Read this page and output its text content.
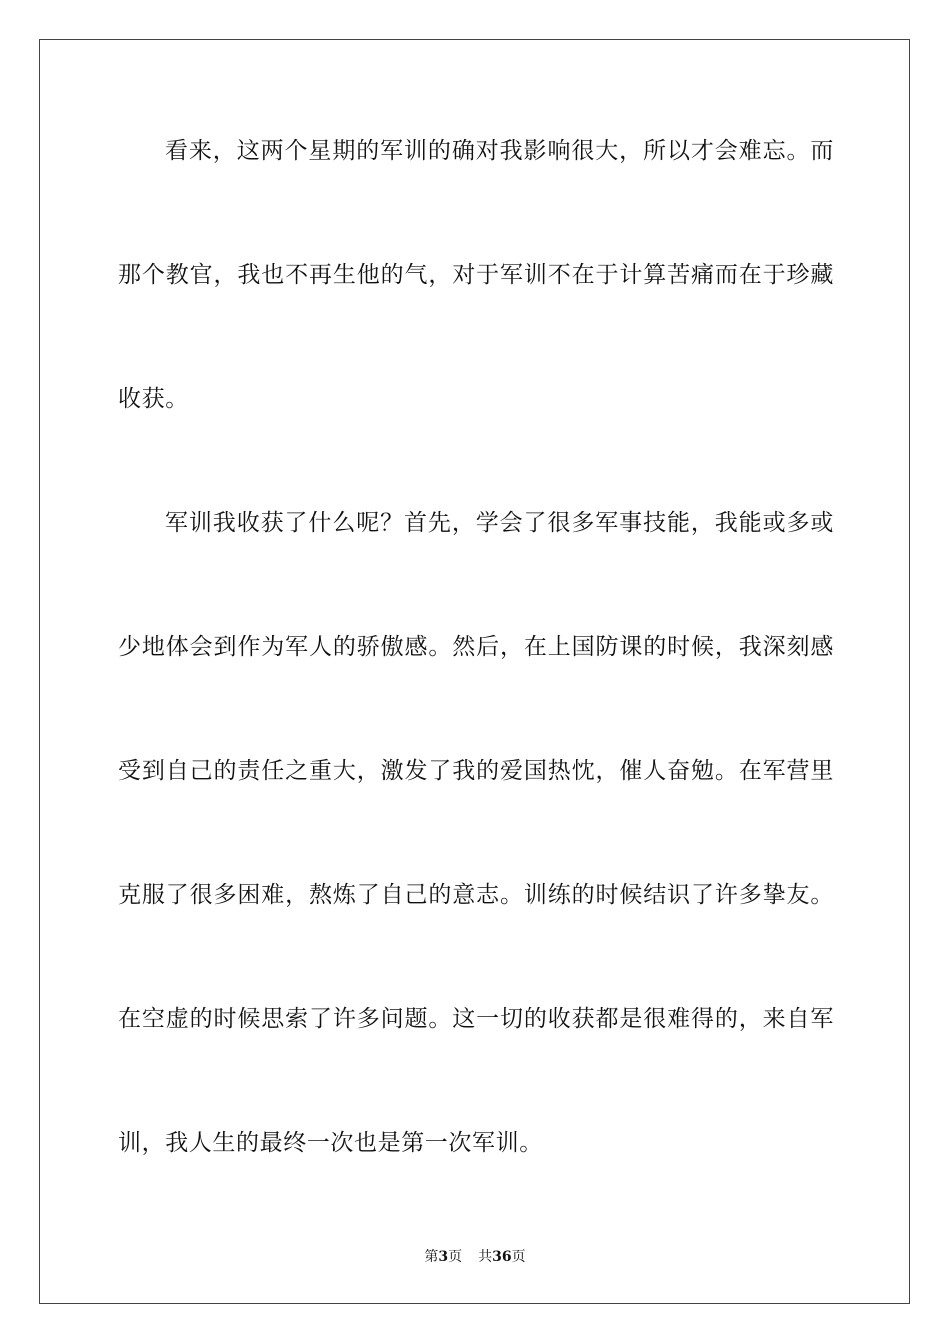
看来，这两个星期的军训的确对我影响很大，所以才会难忘。而
那个教官，我也不再生他的气，对于军训不在于计算苦痛而在于珍藏
收获。
军训我收获了什么呢？首先，学会了很多军事技能，我能或多或
少地体会到作为军人的骄傲感。然后，在上国防课的时候，我深刻感
受到自己的责任之重大，激发了我的爱国热忱，催人奋勉。在军营里
克服了很多困难，熬炼了自己的意志。训练的时候结识了许多挚友。
在空虚的时候思索了许多问题。这一切的收获都是很难得的，来自军
训，我人生的最终一次也是第一次军训。
第3页 共36页
